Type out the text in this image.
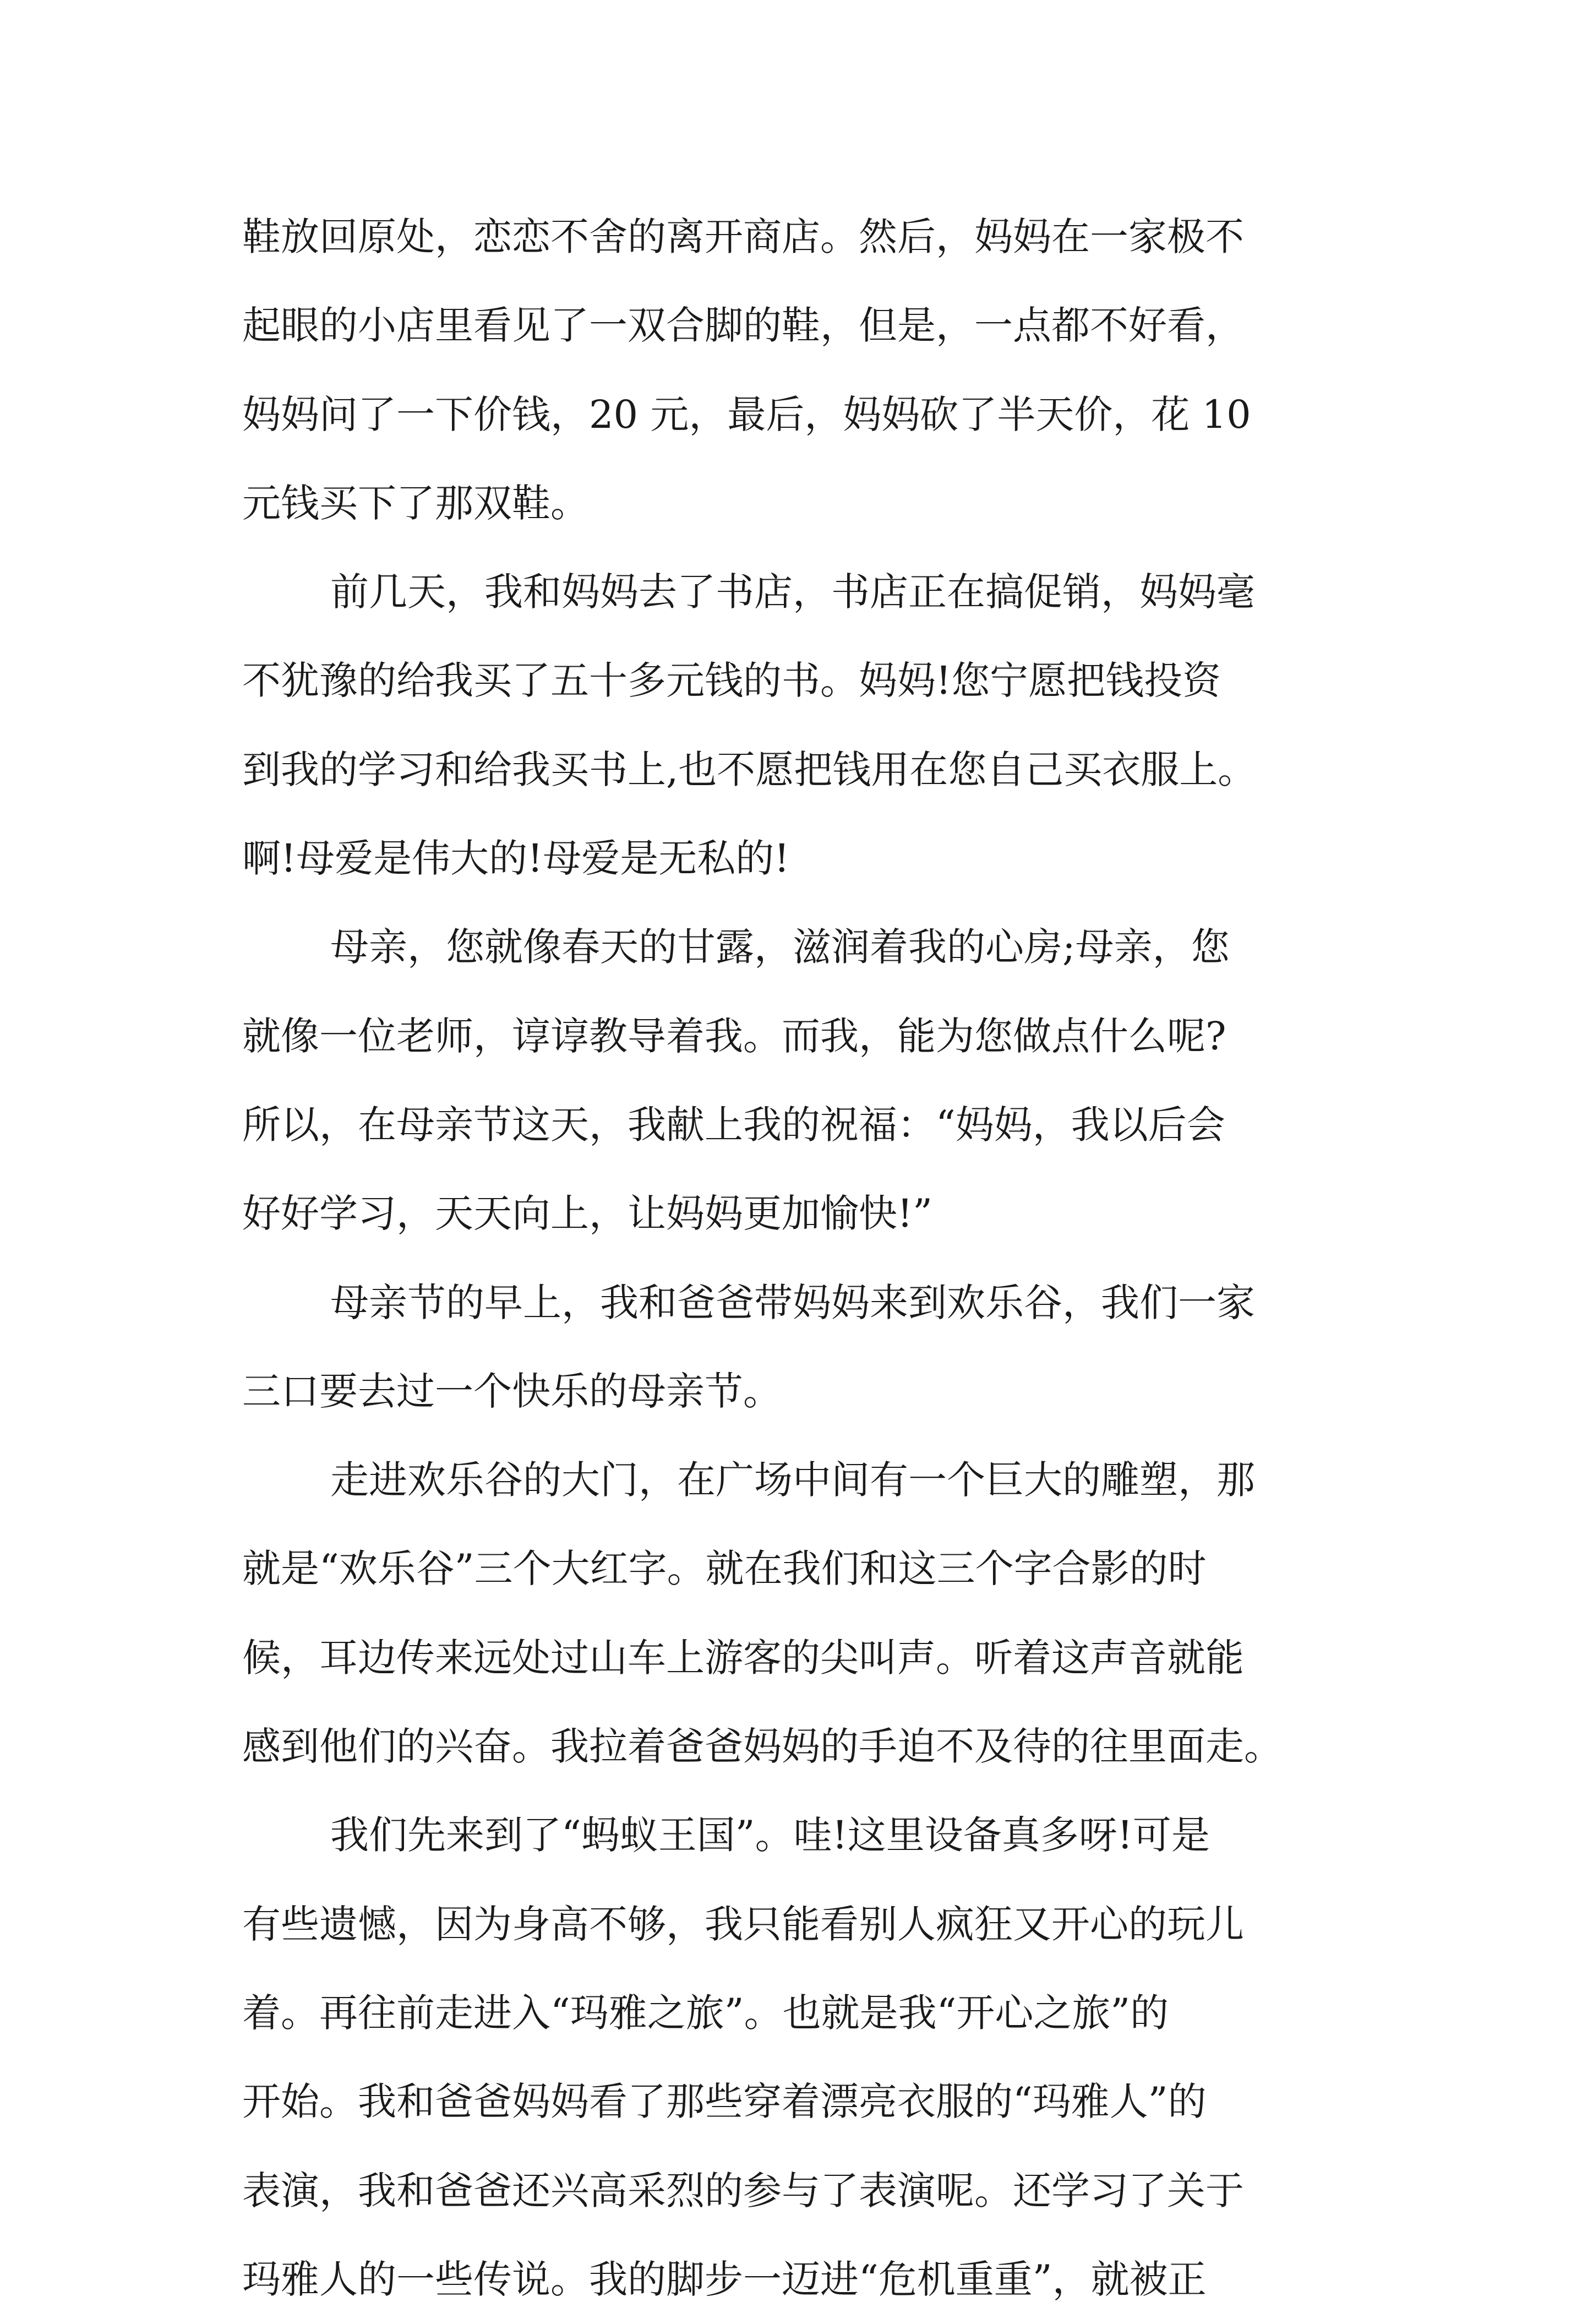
鞋放回原处，恋恋不舍的离开商店。然后，妈妈在一家极不
起眼的小店里看见了一双合脚的鞋，但是，一点都不好看，
妈妈问了一下价钱，20 元，最后，妈妈砍了半天价，花 10
元钱买下了那双鞋。
前几天，我和妈妈去了书店，书店正在搞促销，妈妈毫
不犹豫的给我买了五十多元钱的书。妈妈!您宁愿把钱投资
到我的学习和给我买书上,也不愿把钱用在您自己买衣服上。
啊!母爱是伟大的!母爱是无私的!
母亲，您就像春天的甘露，滋润着我的心房;母亲，您
就像一位老师，谆谆教导着我。而我，能为您做点什么呢?
所以，在母亲节这天，我献上我的祝福：“妈妈，我以后会
好好学习，天天向上，让妈妈更加愉快!”
母亲节的早上，我和爸爸带妈妈来到欢乐谷，我们一家
三口要去过一个快乐的母亲节。
走进欢乐谷的大门，在广场中间有一个巨大的雕塑，那
就是“欢乐谷”三个大红字。就在我们和这三个字合影的时
候，耳边传来远处过山车上游客的尖叫声。听着这声音就能
感到他们的兴奋。我拉着爸爸妈妈的手迫不及待的往里面走。
我们先来到了“蚂蚁王国”。哇!这里设备真多呀!可是
有些遗憾，因为身高不够，我只能看别人疯狂又开心的玩儿
着。再往前走进入“玛雅之旅”。也就是我“开心之旅”的
开始。我和爸爸妈妈看了那些穿着漂亮衣服的“玛雅人”的
表演，我和爸爸还兴高采烈的参与了表演呢。还学习了关于
玛雅人的一些传说。我的脚步一迈进“危机重重”，就被正
